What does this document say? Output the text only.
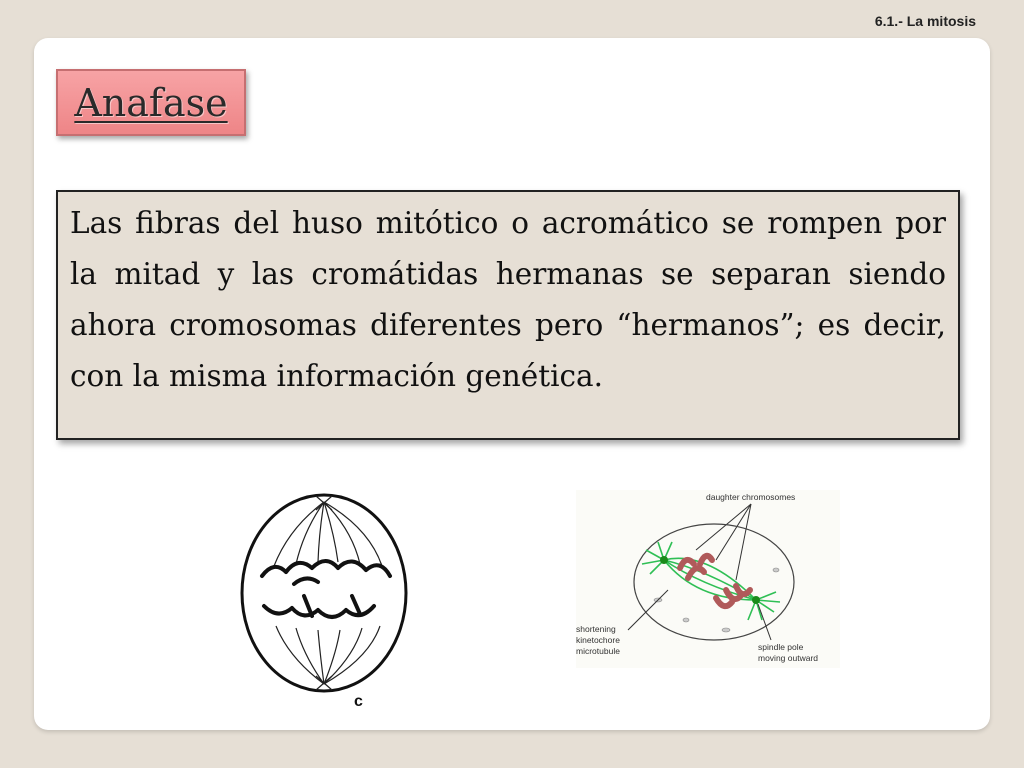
6.1.- La mitosis
Anafase

Las fibras del huso mitótico o acromático se rompen por la mitad y las cromátidas hermanas se separan siendo ahora cromosomas diferentes pero “hermanos”; es decir, con la misma información genética.

c
daughter chromosomes
shortening
kinetochore
microtubule	spindle pole
moving outward
